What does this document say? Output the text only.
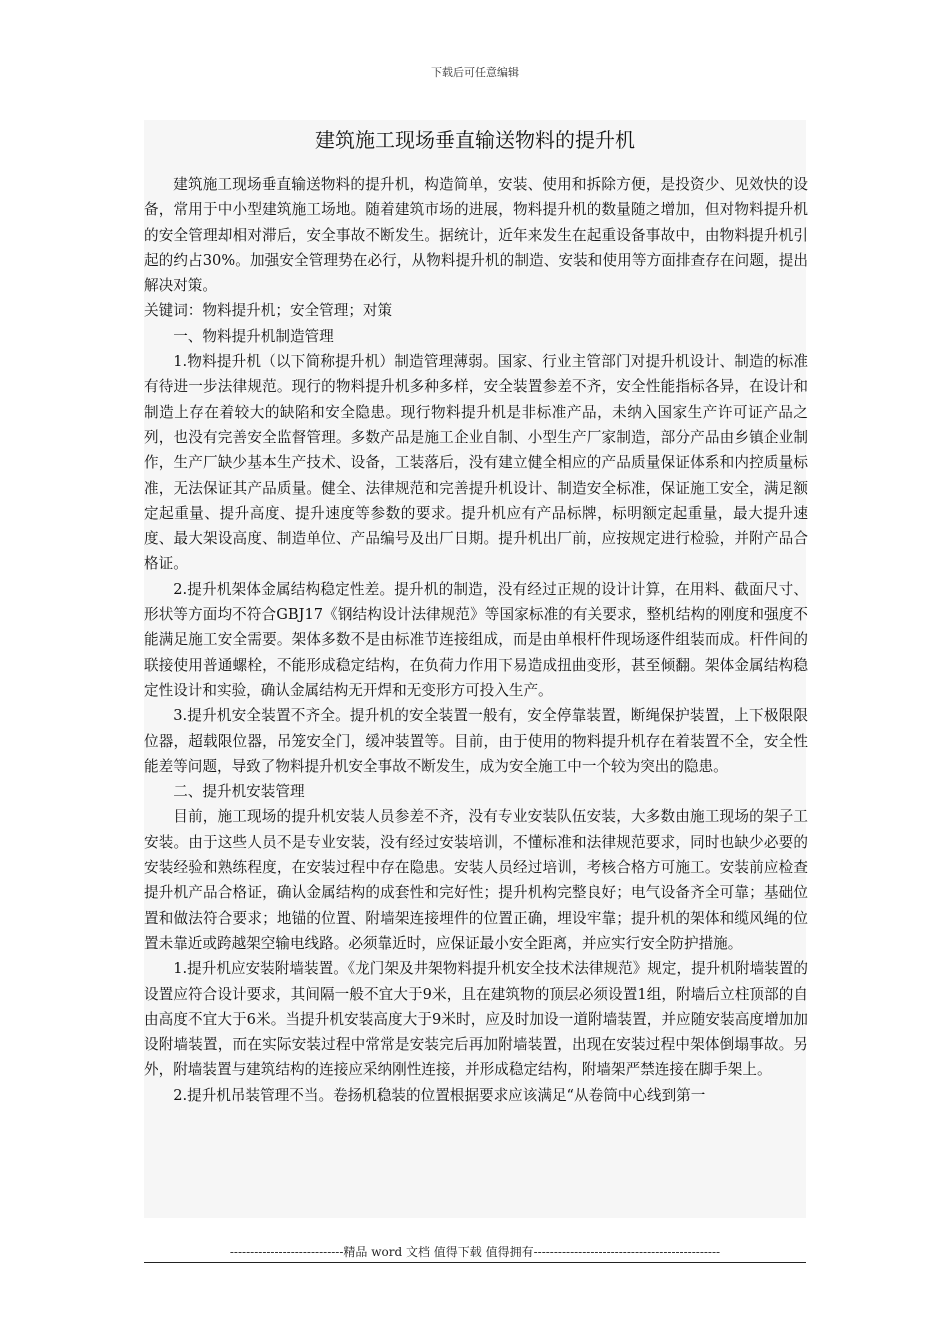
下载后可任意编辑
建筑施工现场垂直输送物料的提升机

建筑施工现场垂直输送物料的提升机，构造简单，安装、使用和拆除方便，是投资少、见效快的设备，常用于中小型建筑施工场地。随着建筑市场的进展，物料提升机的数量随之增加，但对物料提升机的安全管理却相对滞后，安全事故不断发生。据统计，近年来发生在起重设备事故中，由物料提升机引起的约占30%。加强安全管理势在必行，从物料提升机的制造、安装和使用等方面排查存在问题，提出解决对策。

关键词：物料提升机；安全管理；对策

一、物料提升机制造管理

1.物料提升机（以下简称提升机）制造管理薄弱。国家、行业主管部门对提升机设计、制造的标准有待进一步法律规范。现行的物料提升机多种多样，安全装置参差不齐，安全性能指标各异，在设计和制造上存在着较大的缺陷和安全隐患。现行物料提升机是非标准产品，未纳入国家生产许可证产品之列，也没有完善安全监督管理。多数产品是施工企业自制、小型生产厂家制造，部分产品由乡镇企业制作，生产厂缺少基本生产技术、设备，工装落后，没有建立健全相应的产品质量保证体系和内控质量标准，无法保证其产品质量。健全、法律规范和完善提升机设计、制造安全标准，保证施工安全，满足额定起重量、提升高度、提升速度等参数的要求。提升机应有产品标牌，标明额定起重量，最大提升速度、最大架设高度、制造单位、产品编号及出厂日期。提升机出厂前，应按规定进行检验，并附产品合格证。

2.提升机架体金属结构稳定性差。提升机的制造，没有经过正规的设计计算，在用料、截面尺寸、形状等方面均不符合GBJ17《钢结构设计法律规范》等国家标准的有关要求，整机结构的刚度和强度不能满足施工安全需要。架体多数不是由标准节连接组成，而是由单根杆件现场逐件组装而成。杆件间的联接使用普通螺栓，不能形成稳定结构，在负荷力作用下易造成扭曲变形，甚至倾翻。架体金属结构稳定性设计和实验，确认金属结构无开焊和无变形方可投入生产。

3.提升机安全装置不齐全。提升机的安全装置一般有，安全停靠装置，断绳保护装置，上下极限限位器，超载限位器，吊笼安全门，缓冲装置等。目前，由于使用的物料提升机存在着装置不全，安全性能差等问题，导致了物料提升机安全事故不断发生，成为安全施工中一个较为突出的隐患。

二、提升机安装管理

目前，施工现场的提升机安装人员参差不齐，没有专业安装队伍安装，大多数由施工现场的架子工安装。由于这些人员不是专业安装，没有经过安装培训，不懂标准和法律规范要求，同时也缺少必要的安装经验和熟练程度，在安装过程中存在隐患。安装人员经过培训，考核合格方可施工。安装前应检查提升机产品合格证，确认金属结构的成套性和完好性；提升机构完整良好；电气设备齐全可靠；基础位置和做法符合要求；地锚的位置、附墙架连接埋件的位置正确，埋设牢靠；提升机的架体和缆风绳的位置未靠近或跨越架空输电线路。必须靠近时，应保证最小安全距离，并应实行安全防护措施。

1.提升机应安装附墙装置。《龙门架及井架物料提升机安全技术法律规范》规定，提升机附墙装置的设置应符合设计要求，其间隔一般不宜大于9米，且在建筑物的顶层必须设置1组，附墙后立柱顶部的自由高度不宜大于6米。当提升机安装高度大于9米时，应及时加设一道附墙装置，并应随安装高度增加加设附墙装置，而在实际安装过程中常常是安装完后再加附墙装置，出现在安装过程中架体倒塌事故。另外，附墙装置与建筑结构的连接应采纳刚性连接，并形成稳定结构，附墙架严禁连接在脚手架上。

2.提升机吊装管理不当。卷扬机稳装的位置根据要求应该满足“从卷筒中心线到第一

----------------------------精品 word 文档 值得下载 值得拥有----------------------------------------------
